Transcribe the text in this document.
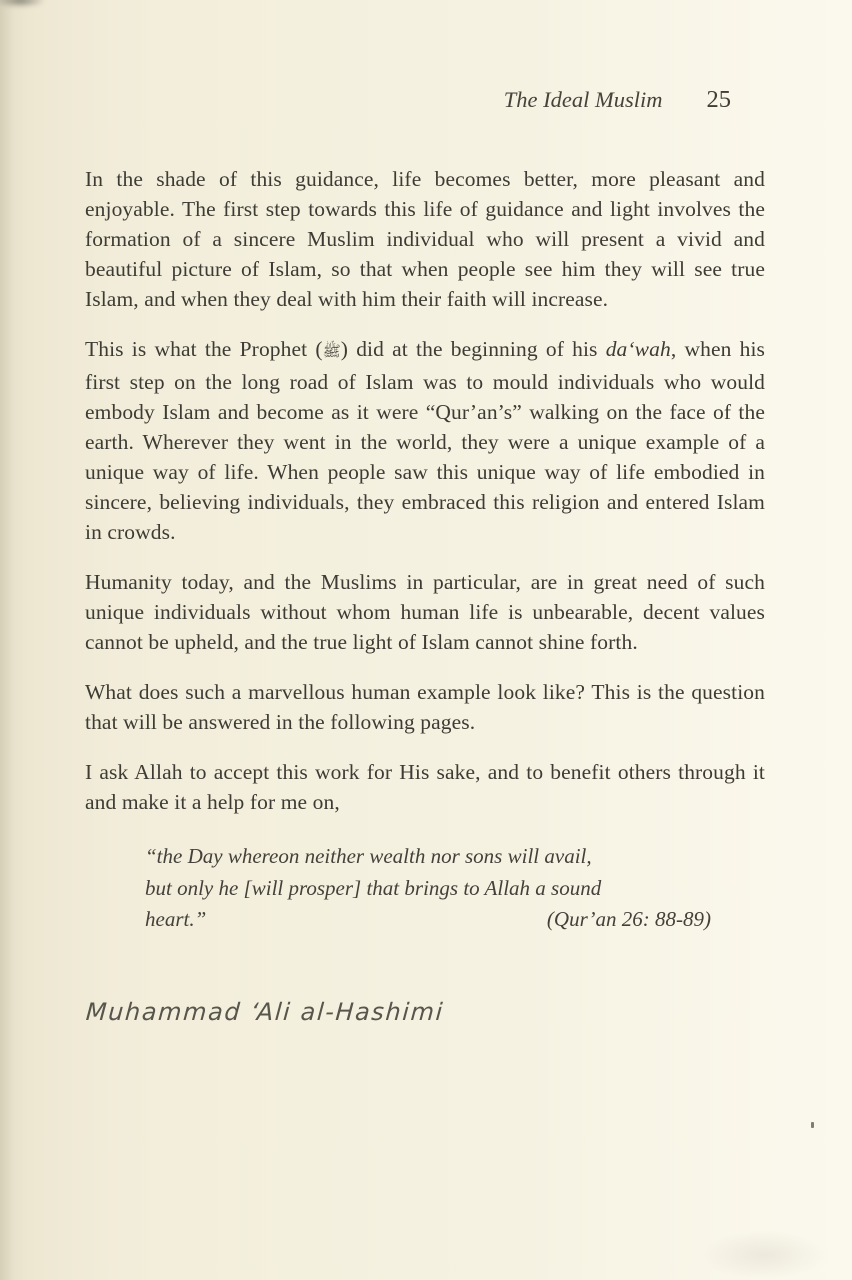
The Ideal Muslim 25

In the shade of this guidance, life becomes better, more pleasant and enjoyable. The first step towards this life of guidance and light involves the formation of a sincere Muslim individual who will present a vivid and beautiful picture of Islam, so that when people see him they will see true Islam, and when they deal with him their faith will increase.

This is what the Prophet (ﷺ) did at the beginning of his da‘wah, when his first step on the long road of Islam was to mould individuals who would embody Islam and become as it were “Qur’an’s” walking on the face of the earth. Wherever they went in the world, they were a unique example of a unique way of life. When people saw this unique way of life embodied in sincere, believing individuals, they embraced this religion and entered Islam in crowds.

Humanity today, and the Muslims in particular, are in great need of such unique individuals without whom human life is unbearable, decent values cannot be upheld, and the true light of Islam cannot shine forth.

What does such a marvellous human example look like? This is the question that will be answered in the following pages.

I ask Allah to accept this work for His sake, and to benefit others through it and make it a help for me on,

“the Day whereon neither wealth nor sons will avail,
but only he [will prosper] that brings to Allah a sound
heart.”	(Qur’an 26: 88-89)
Muhammad ‘Ali al-Hashimi
